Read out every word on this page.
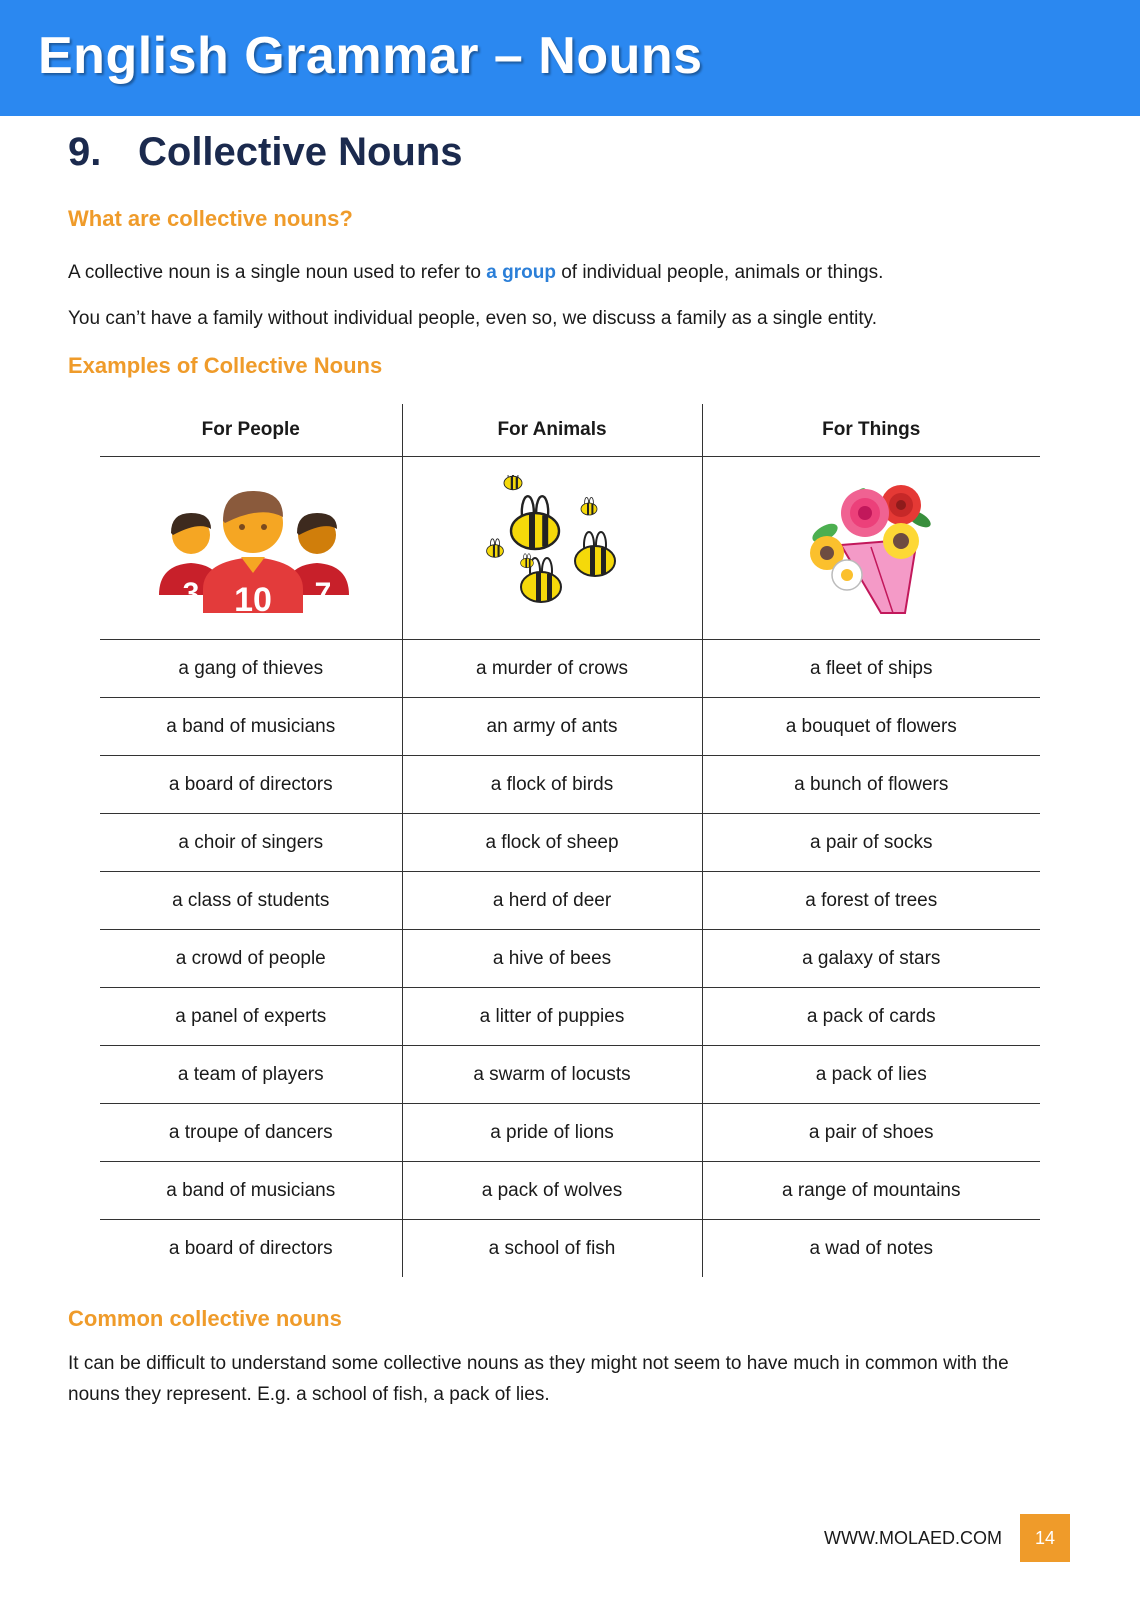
English Grammar – Nouns
9. Collective Nouns
What are collective nouns?
A collective noun is a single noun used to refer to a group of individual people, animals or things.
You can’t have a family without individual people, even so, we discuss a family as a single entity.
Examples of Collective Nouns
For People	For Animals	For Things

3 7
10

a gang of thieves	a murder of crows	a fleet of ships
a band of musicians	an army of ants	a bouquet of flowers
a board of directors	a flock of birds	a bunch of flowers
a choir of singers	a flock of sheep	a pair of socks
a class of students	a herd of deer	a forest of trees
a crowd of people	a hive of bees	a galaxy of stars
a panel of experts	a litter of puppies	a pack of cards
a team of players	a swarm of locusts	a pack of lies
a troupe of dancers	a pride of lions	a pair of shoes
a band of musicians	a pack of wolves	a range of mountains
a board of directors	a school of fish	a wad of notes
Common collective nouns
It can be difficult to understand some collective nouns as they might not seem to have much in common with the nouns they represent. E.g. a school of fish, a pack of lies.
WWW.MOLAED.COM	14
